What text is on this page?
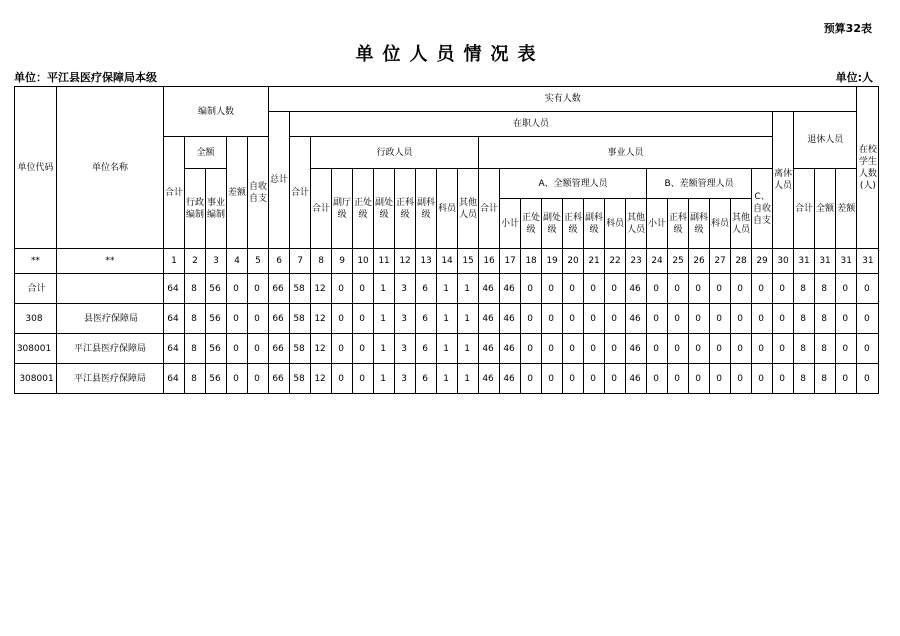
预算32表
单位人员情况表
单位：平江县医疗保障局本级	单位:人
单位代码	单位名称	编制人数					实有人数																												在校学生人数(人)
							总计	在职人员																							离休人员	退休人员			
		合计	全额		差额	自收自支		合计	行政人员								事业人员																		
			行政编制	事业编制					合计	副厅级	正处级	副处级	正科级	副科级	科员	其他人员	合计	A、全额管理人员							B、差额管理人员					C、自收自支		合计	全额	差额	
																		小计	正处级	副处级	正科级	副科级	科员	其他人员	小计	正科级	副科级	科员	其他人员						

**	**	1	2	3	4	5	6	7	8	9	10	11	12	13	14	15	16	17	18	19	20	21	22	23	24	25	26	27	28	29	30	31	31	31	31
合计		64	8	56	0	0	66	58	12	0	0	1	3	6	1	1	46	46	0	0	0	0	0	46	0	0	0	0	0	0	0	8	8	0	0
308	县医疗保障局	64	8	56	0	0	66	58	12	0	0	1	3	6	1	1	46	46	0	0	0	0	0	46	0	0	0	0	0	0	0	8	8	0	0
308001	平江县医疗保障局	64	8	56	0	0	66	58	12	0	0	1	3	6	1	1	46	46	0	0	0	0	0	46	0	0	0	0	0	0	0	8	8	0	0
308001	平江县医疗保障局	64	8	56	0	0	66	58	12	0	0	1	3	6	1	1	46	46	0	0	0	0	0	46	0	0	0	0	0	0	0	8	8	0	0
